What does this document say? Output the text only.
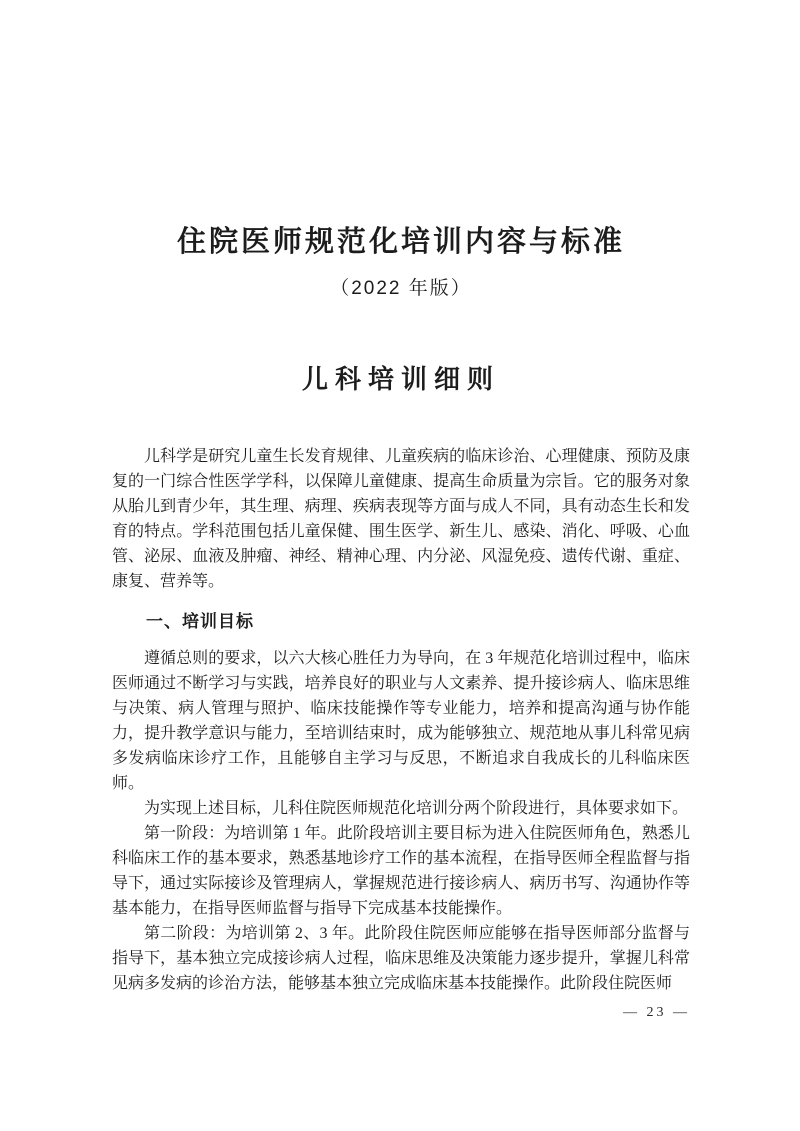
住院医师规范化培训内容与标准
（2022 年版）
儿科培训细则

儿科学是研究儿童生长发育规律、儿童疾病的临床诊治、心理健康、预防及康复的一门综合性医学学科，以保障儿童健康、提高生命质量为宗旨。它的服务对象从胎儿到青少年，其生理、病理、疾病表现等方面与成人不同，具有动态生长和发育的特点。学科范围包括儿童保健、围生医学、新生儿、感染、消化、呼吸、心血管、泌尿、血液及肿瘤、神经、精神心理、内分泌、风湿免疫、遗传代谢、重症、康复、营养等。

一、培训目标

遵循总则的要求，以六大核心胜任力为导向，在 3 年规范化培训过程中，临床医师通过不断学习与实践，培养良好的职业与人文素养、提升接诊病人、临床思维与决策、病人管理与照护、临床技能操作等专业能力，培养和提高沟通与协作能力，提升教学意识与能力，至培训结束时，成为能够独立、规范地从事儿科常见病多发病临床诊疗工作，且能够自主学习与反思，不断追求自我成长的儿科临床医师。

为实现上述目标，儿科住院医师规范化培训分两个阶段进行，具体要求如下。

第一阶段：为培训第 1 年。此阶段培训主要目标为进入住院医师角色，熟悉儿科临床工作的基本要求，熟悉基地诊疗工作的基本流程，在指导医师全程监督与指导下，通过实际接诊及管理病人，掌握规范进行接诊病人、病历书写、沟通协作等基本能力，在指导医师监督与指导下完成基本技能操作。

第二阶段：为培训第 2、3 年。此阶段住院医师应能够在指导医师部分监督与指导下，基本独立完成接诊病人过程，临床思维及决策能力逐步提升，掌握儿科常见病多发病的诊治方法，能够基本独立完成临床基本技能操作。此阶段住院医师

— 23 —
